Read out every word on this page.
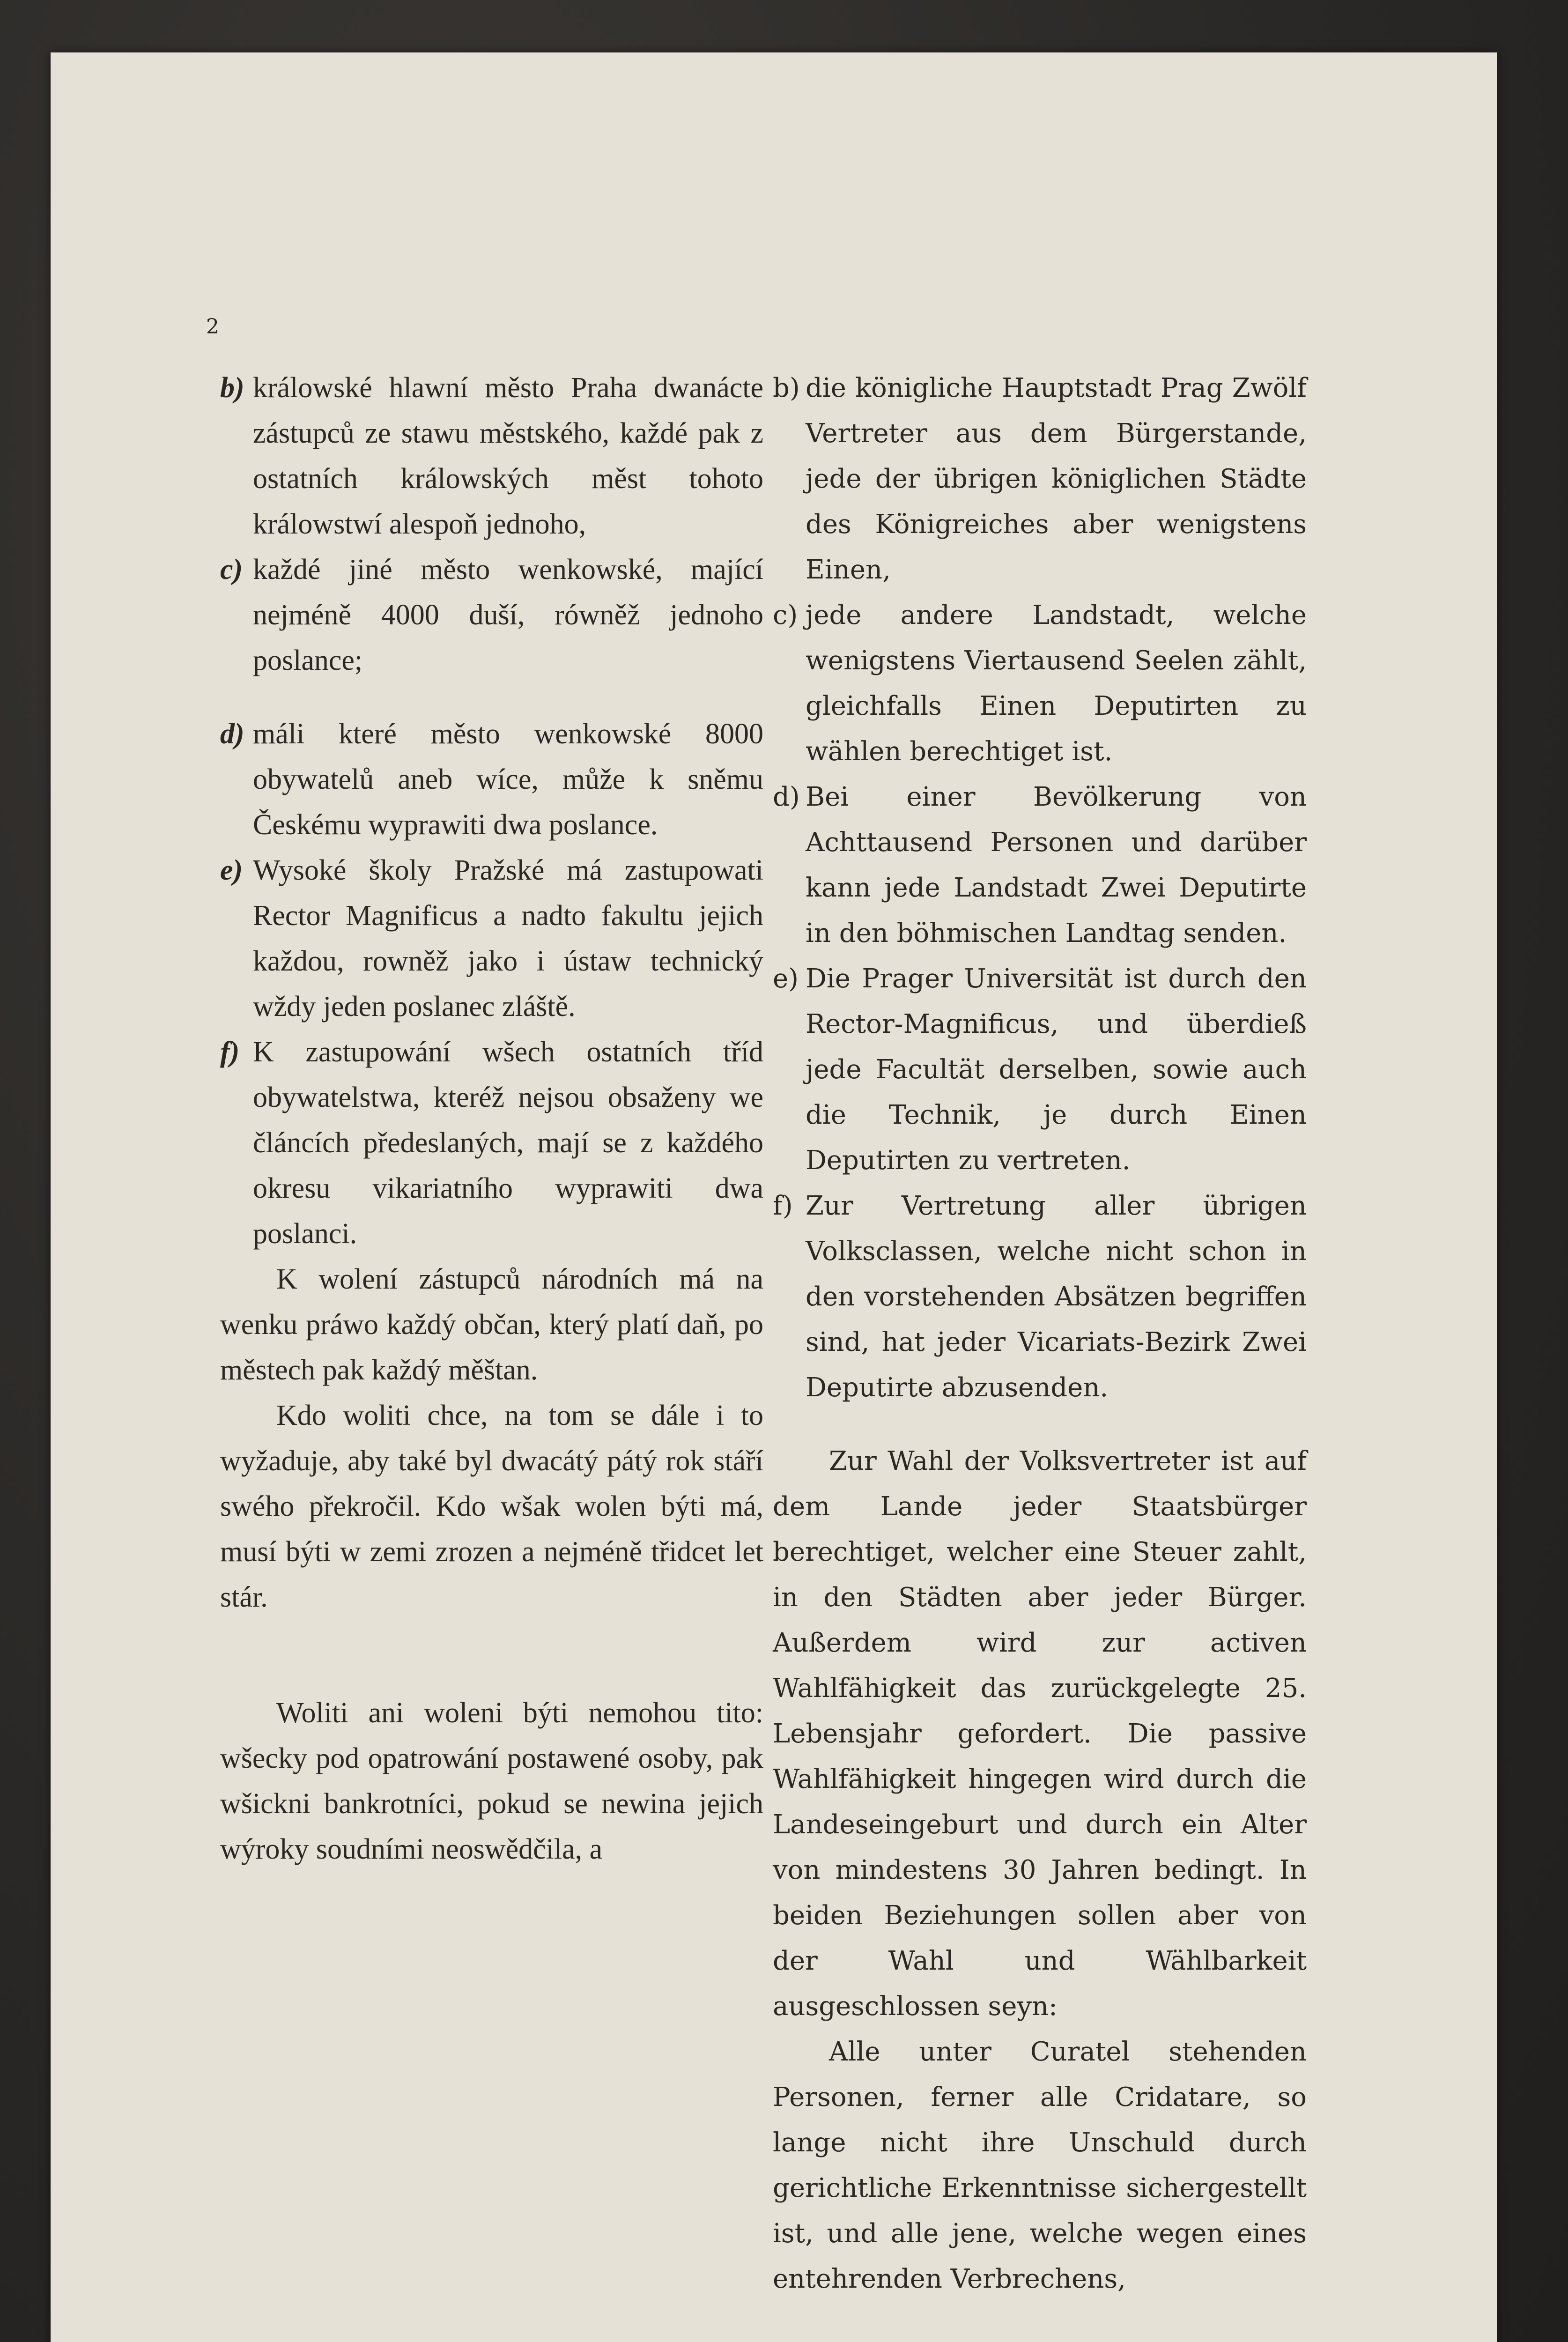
2

b) králowské hlawní město Praha dwanácte zástupců ze stawu městského, každé pak z ostatních králowských měst tohoto králowstwí alespoň jednoho,

c) každé jiné město wenkowské, mající nejméně 4000 duší, równěž jednoho poslance;

d) máli které město wenkowské 8000 obywatelů aneb wíce, může k sněmu Českému wyprawiti dwa poslance.

e) Wysoké školy Pražské má zastupowati Rector Magnificus a nadto fakultu jejich každou, rowněž jako i ústaw technický wždy jeden poslanec zláště.

f) K zastupowání wšech ostatních tříd obywatelstwa, kteréž nejsou obsaženy we článcích předeslaných, mají se z každého okresu vikariatního wyprawiti dwa poslanci.

K wolení zástupců národních má na wenku práwo každý občan, který platí daň, po městech pak každý měštan.

Kdo woliti chce, na tom se dále i to wyžaduje, aby také byl dwacátý pátý rok stáří swého překročil. Kdo wšak wolen býti má, musí býti w zemi zrozen a nejméně třidcet let stár.

Woliti ani woleni býti nemohou tito: wšecky pod opatrowání postawené osoby, pak wšickni bankrotníci, pokud se newina jejich wýroky soudními neoswědčila, a

b) die königliche Hauptstadt Prag Zwölf Vertreter aus dem Bürgerstande, jede der übrigen königlichen Städte des Königreiches aber wenigstens Einen,

c) jede andere Landstadt, welche wenigstens Viertausend Seelen zählt, gleichfalls Einen Deputirten zu wählen berechtiget ist.

d) Bei einer Bevölkerung von Achttausend Personen und darüber kann jede Landstadt Zwei Deputirte in den böhmischen Landtag senden.

e) Die Prager Universität ist durch den Rector-Magnificus, und überdieß jede Facultät derselben, sowie auch die Technik, je durch Einen Deputirten zu vertreten.

f) Zur Vertretung aller übrigen Volksclassen, welche nicht schon in den vorstehenden Absätzen begriffen sind, hat jeder Vicariats-Bezirk Zwei Deputirte abzusenden.

Zur Wahl der Volksvertreter ist auf dem Lande jeder Staatsbürger berechtiget, welcher eine Steuer zahlt, in den Städten aber jeder Bürger. Außerdem wird zur activen Wahlfähigkeit das zurückgelegte 25. Lebensjahr gefordert. Die passive Wahlfähigkeit hingegen wird durch die Landeseingeburt und durch ein Alter von mindestens 30 Jahren bedingt. In beiden Beziehungen sollen aber von der Wahl und Wählbarkeit ausgeschlossen seyn:

Alle unter Curatel stehenden Personen, ferner alle Cridatare, so lange nicht ihre Unschuld durch gerichtliche Erkenntnisse sichergestellt ist, und alle jene, welche wegen eines entehrenden Verbrechens,
